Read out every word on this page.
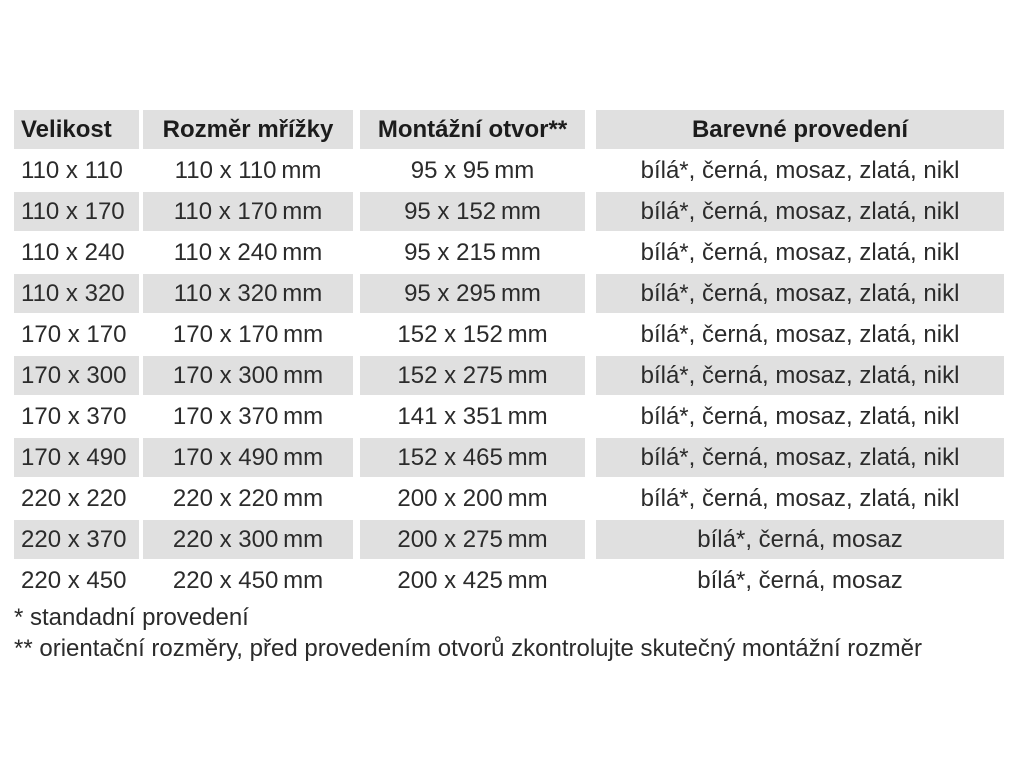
Velikost	Rozměr mřížky	Montážní otvor**	Barevné provedení
110 x 110	110 x 110 mm	95 x 95 mm	bílá*, černá, mosaz, zlatá, nikl
110 x 170	110 x 170 mm	95 x 152 mm	bílá*, černá, mosaz, zlatá, nikl
110 x 240	110 x 240 mm	95 x 215 mm	bílá*, černá, mosaz, zlatá, nikl
110 x 320	110 x 320 mm	95 x 295 mm	bílá*, černá, mosaz, zlatá, nikl
170 x 170	170 x 170 mm	152 x 152 mm	bílá*, černá, mosaz, zlatá, nikl
170 x 300	170 x 300 mm	152 x 275 mm	bílá*, černá, mosaz, zlatá, nikl
170 x 370	170 x 370 mm	141 x 351 mm	bílá*, černá, mosaz, zlatá, nikl
170 x 490	170 x 490 mm	152 x 465 mm	bílá*, černá, mosaz, zlatá, nikl
220 x 220	220 x 220 mm	200 x 200 mm	bílá*, černá, mosaz, zlatá, nikl
220 x 370	220 x 300 mm	200 x 275 mm	bílá*, černá, mosaz
220 x 450	220 x 450 mm	200 x 425 mm	bílá*, černá, mosaz
* standadní provedení
** orientační rozměry, před provedením otvorů zkontrolujte skutečný montážní rozměr
